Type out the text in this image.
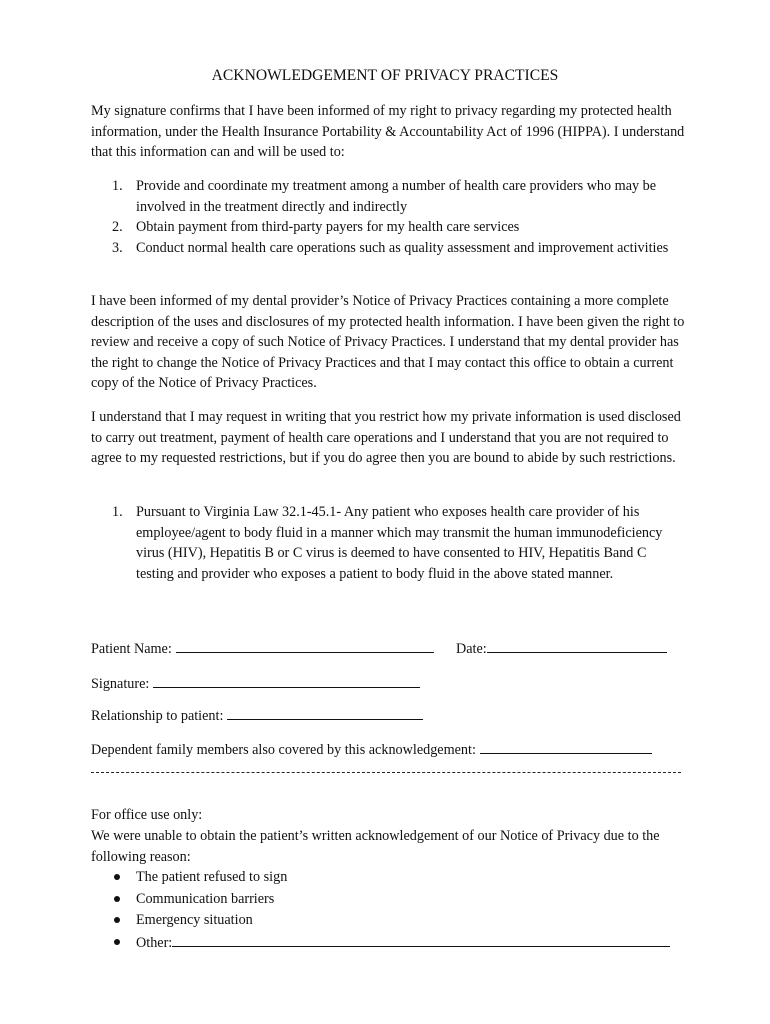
ACKNOWLEDGEMENT OF PRIVACY PRACTICES

My signature confirms that I have been informed of my right to privacy regarding my protected health information, under the Health Insurance Portability & Accountability Act of 1996 (HIPPA). I understand that this information can and will be used to:

1. Provide and coordinate my treatment among a number of health care providers who may be involved in the treatment directly and indirectly
2. Obtain payment from third-party payers for my health care services
3. Conduct normal health care operations such as quality assessment and improvement activities

I have been informed of my dental provider’s Notice of Privacy Practices containing a more complete description of the uses and disclosures of my protected health information. I have been given the right to review and receive a copy of such Notice of Privacy Practices. I understand that my dental provider has the right to change the Notice of Privacy Practices and that I may contact this office to obtain a current copy of the Notice of Privacy Practices.

I understand that I may request in writing that you restrict how my private information is used disclosed to carry out treatment, payment of health care operations and I understand that you are not required to agree to my requested restrictions, but if you do agree then you are bound to abide by such restrictions.

1. Pursuant to Virginia Law 32.1-45.1- Any patient who exposes health care provider of his employee/agent to body fluid in a manner which may transmit the human immunodeficiency virus (HIV), Hepatitis B or C virus is deemed to have consented to HIV, Hepatitis Band C testing and provider who exposes a patient to body fluid in the above stated manner.

Patient Name:	Date:

Signature:

Relationship to patient:

Dependent family members also covered by this acknowledgement:

For office use only:

We were unable to obtain the patient’s written acknowledgement of our Notice of Privacy due to the following reason:

The patient refused to sign
Communication barriers
Emergency situation
Other:
